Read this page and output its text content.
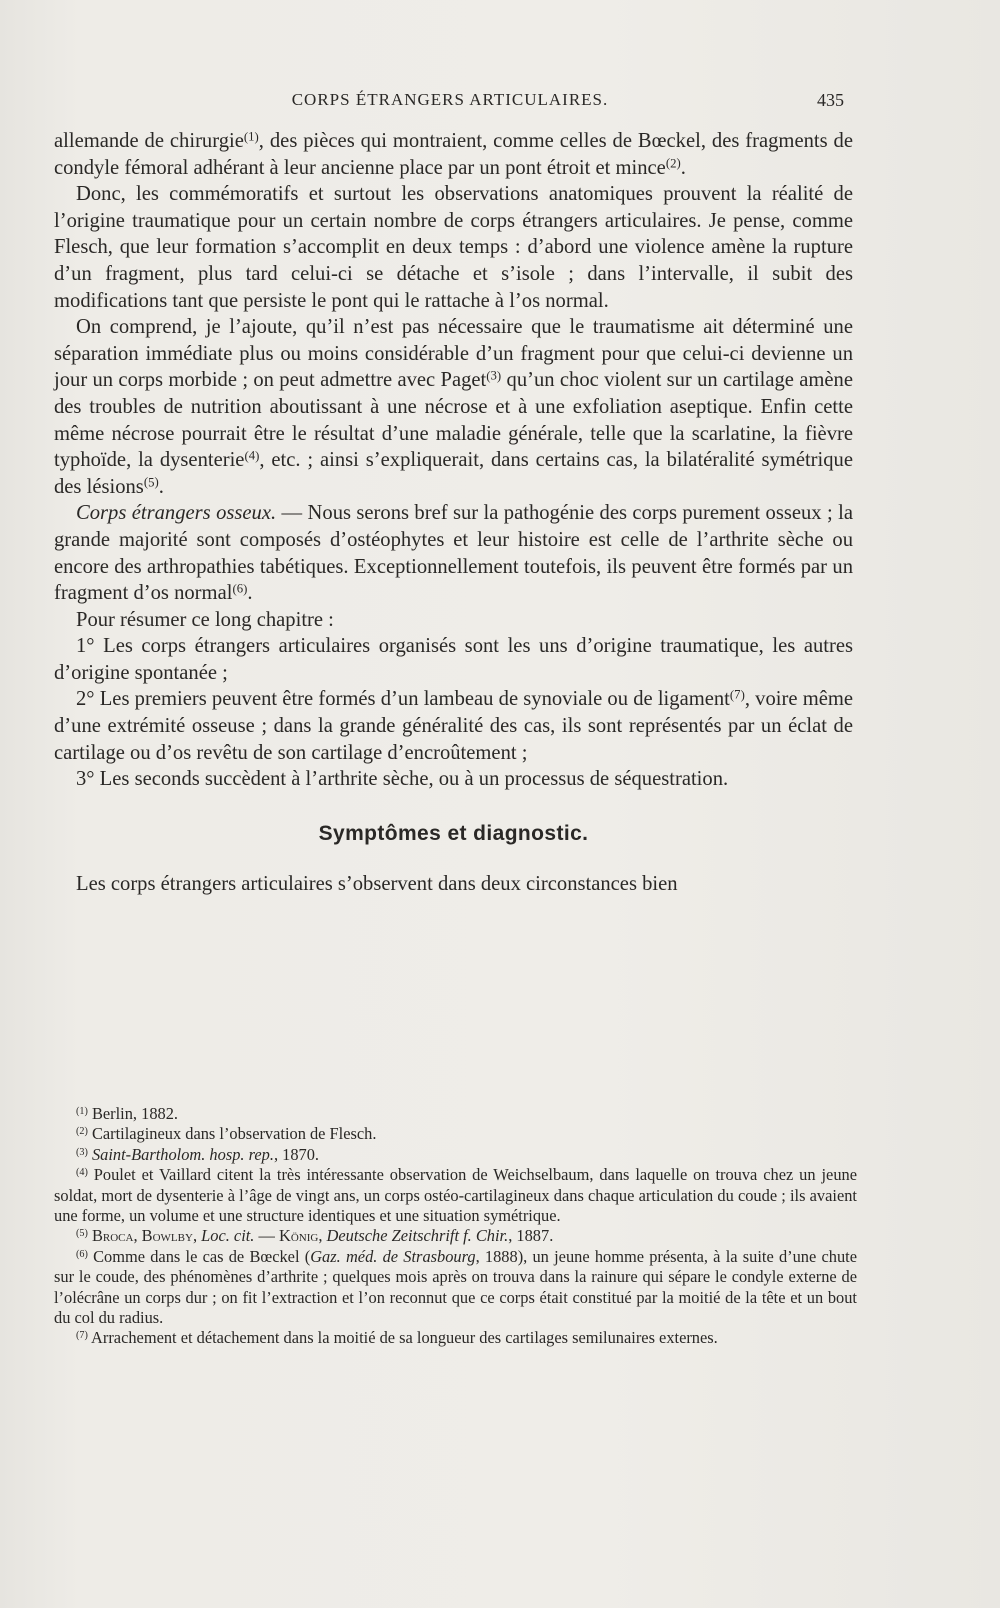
CORPS ÉTRANGERS ARTICULAIRES.	435

allemande de chirurgie ( $^1$ ) , des pièces qui montraient, comme celles de Bœckel, des fragments de condyle fémoral adhérant à leur ancienne place par un pont étroit et mince ( $^2$ ) .

Donc, les commémoratifs et surtout les observations anatomiques prouvent la réalité de l’origine traumatique pour un certain nombre de corps étrangers articulaires. Je pense, comme Flesch, que leur formation s’accomplit en deux temps : d’abord une violence amène la rupture d’un fragment, plus tard celui-ci se détache et s’isole ; dans l’intervalle, il subit des modifications tant que persiste le pont qui le rattache à l’os normal.

On comprend, je l’ajoute, qu’il n’est pas nécessaire que le traumatisme ait déterminé une séparation immédiate plus ou moins considérable d’un fragment pour que celui-ci devienne un jour un corps morbide ; on peut admettre avec Paget ( $^3$ ) qu’un choc violent sur un cartilage amène des troubles de nutrition aboutissant à une nécrose et à une exfoliation aseptique. Enfin cette même nécrose pourrait être le résultat d’une maladie générale, telle que la scarlatine, la fièvre typhoïde, la dysenterie ( $^4$ ) , etc. ; ainsi s’expliquerait, dans certains cas, la bilatéralité symétrique des lésions ( $^5$ ) .

Corps étrangers osseux. — Nous serons bref sur la pathogénie des corps purement osseux ; la grande majorité sont composés d’ostéophytes et leur histoire est celle de l’arthrite sèche ou encore des arthropathies tabétiques. Exceptionnellement toutefois, ils peuvent être formés par un fragment d’os normal ( $^6$ ) .

Pour résumer ce long chapitre :

1° Les corps étrangers articulaires organisés sont les uns d’origine traumatique, les autres d’origine spontanée ;

2° Les premiers peuvent être formés d’un lambeau de synoviale ou de ligament ( $^7$ ) , voire même d’une extrémité osseuse ; dans la grande généralité des cas, ils sont représentés par un éclat de cartilage ou d’os revêtu de son cartilage d’encroûtement ;

3° Les seconds succèdent à l’arthrite sèche, ou à un processus de séquestration.

Symptômes et diagnostic.

Les corps étrangers articulaires s’observent dans deux circonstances bien

( $^1$ ) Berlin, 1882.

( $^2$ ) Cartilagineux dans l’observation de Flesch.

( $^3$ ) Saint-Bartholom. hosp. rep., 1870.

( $^4$ ) Poulet et Vaillard citent la très intéressante observation de Weichselbaum, dans laquelle on trouva chez un jeune soldat, mort de dysenterie à l’âge de vingt ans, un corps ostéo-cartilagineux dans chaque articulation du coude ; ils avaient une forme, un volume et une structure identiques et une situation symétrique.

( $^5$ ) Broca, Bowlby, Loc. cit. — König, Deutsche Zeitschrift f. Chir., 1887.

( $^6$ ) Comme dans le cas de Bœckel (Gaz. méd. de Strasbourg, 1888), un jeune homme présenta, à la suite d’une chute sur le coude, des phénomènes d’arthrite ; quelques mois après on trouva dans la rainure qui sépare le condyle externe de l’olécrâne un corps dur ; on fit l’extraction et l’on reconnut que ce corps était constitué par la moitié de la tête et un bout du col du radius.

( $^7$ ) Arrachement et détachement dans la moitié de sa longueur des cartilages semilunaires externes.
